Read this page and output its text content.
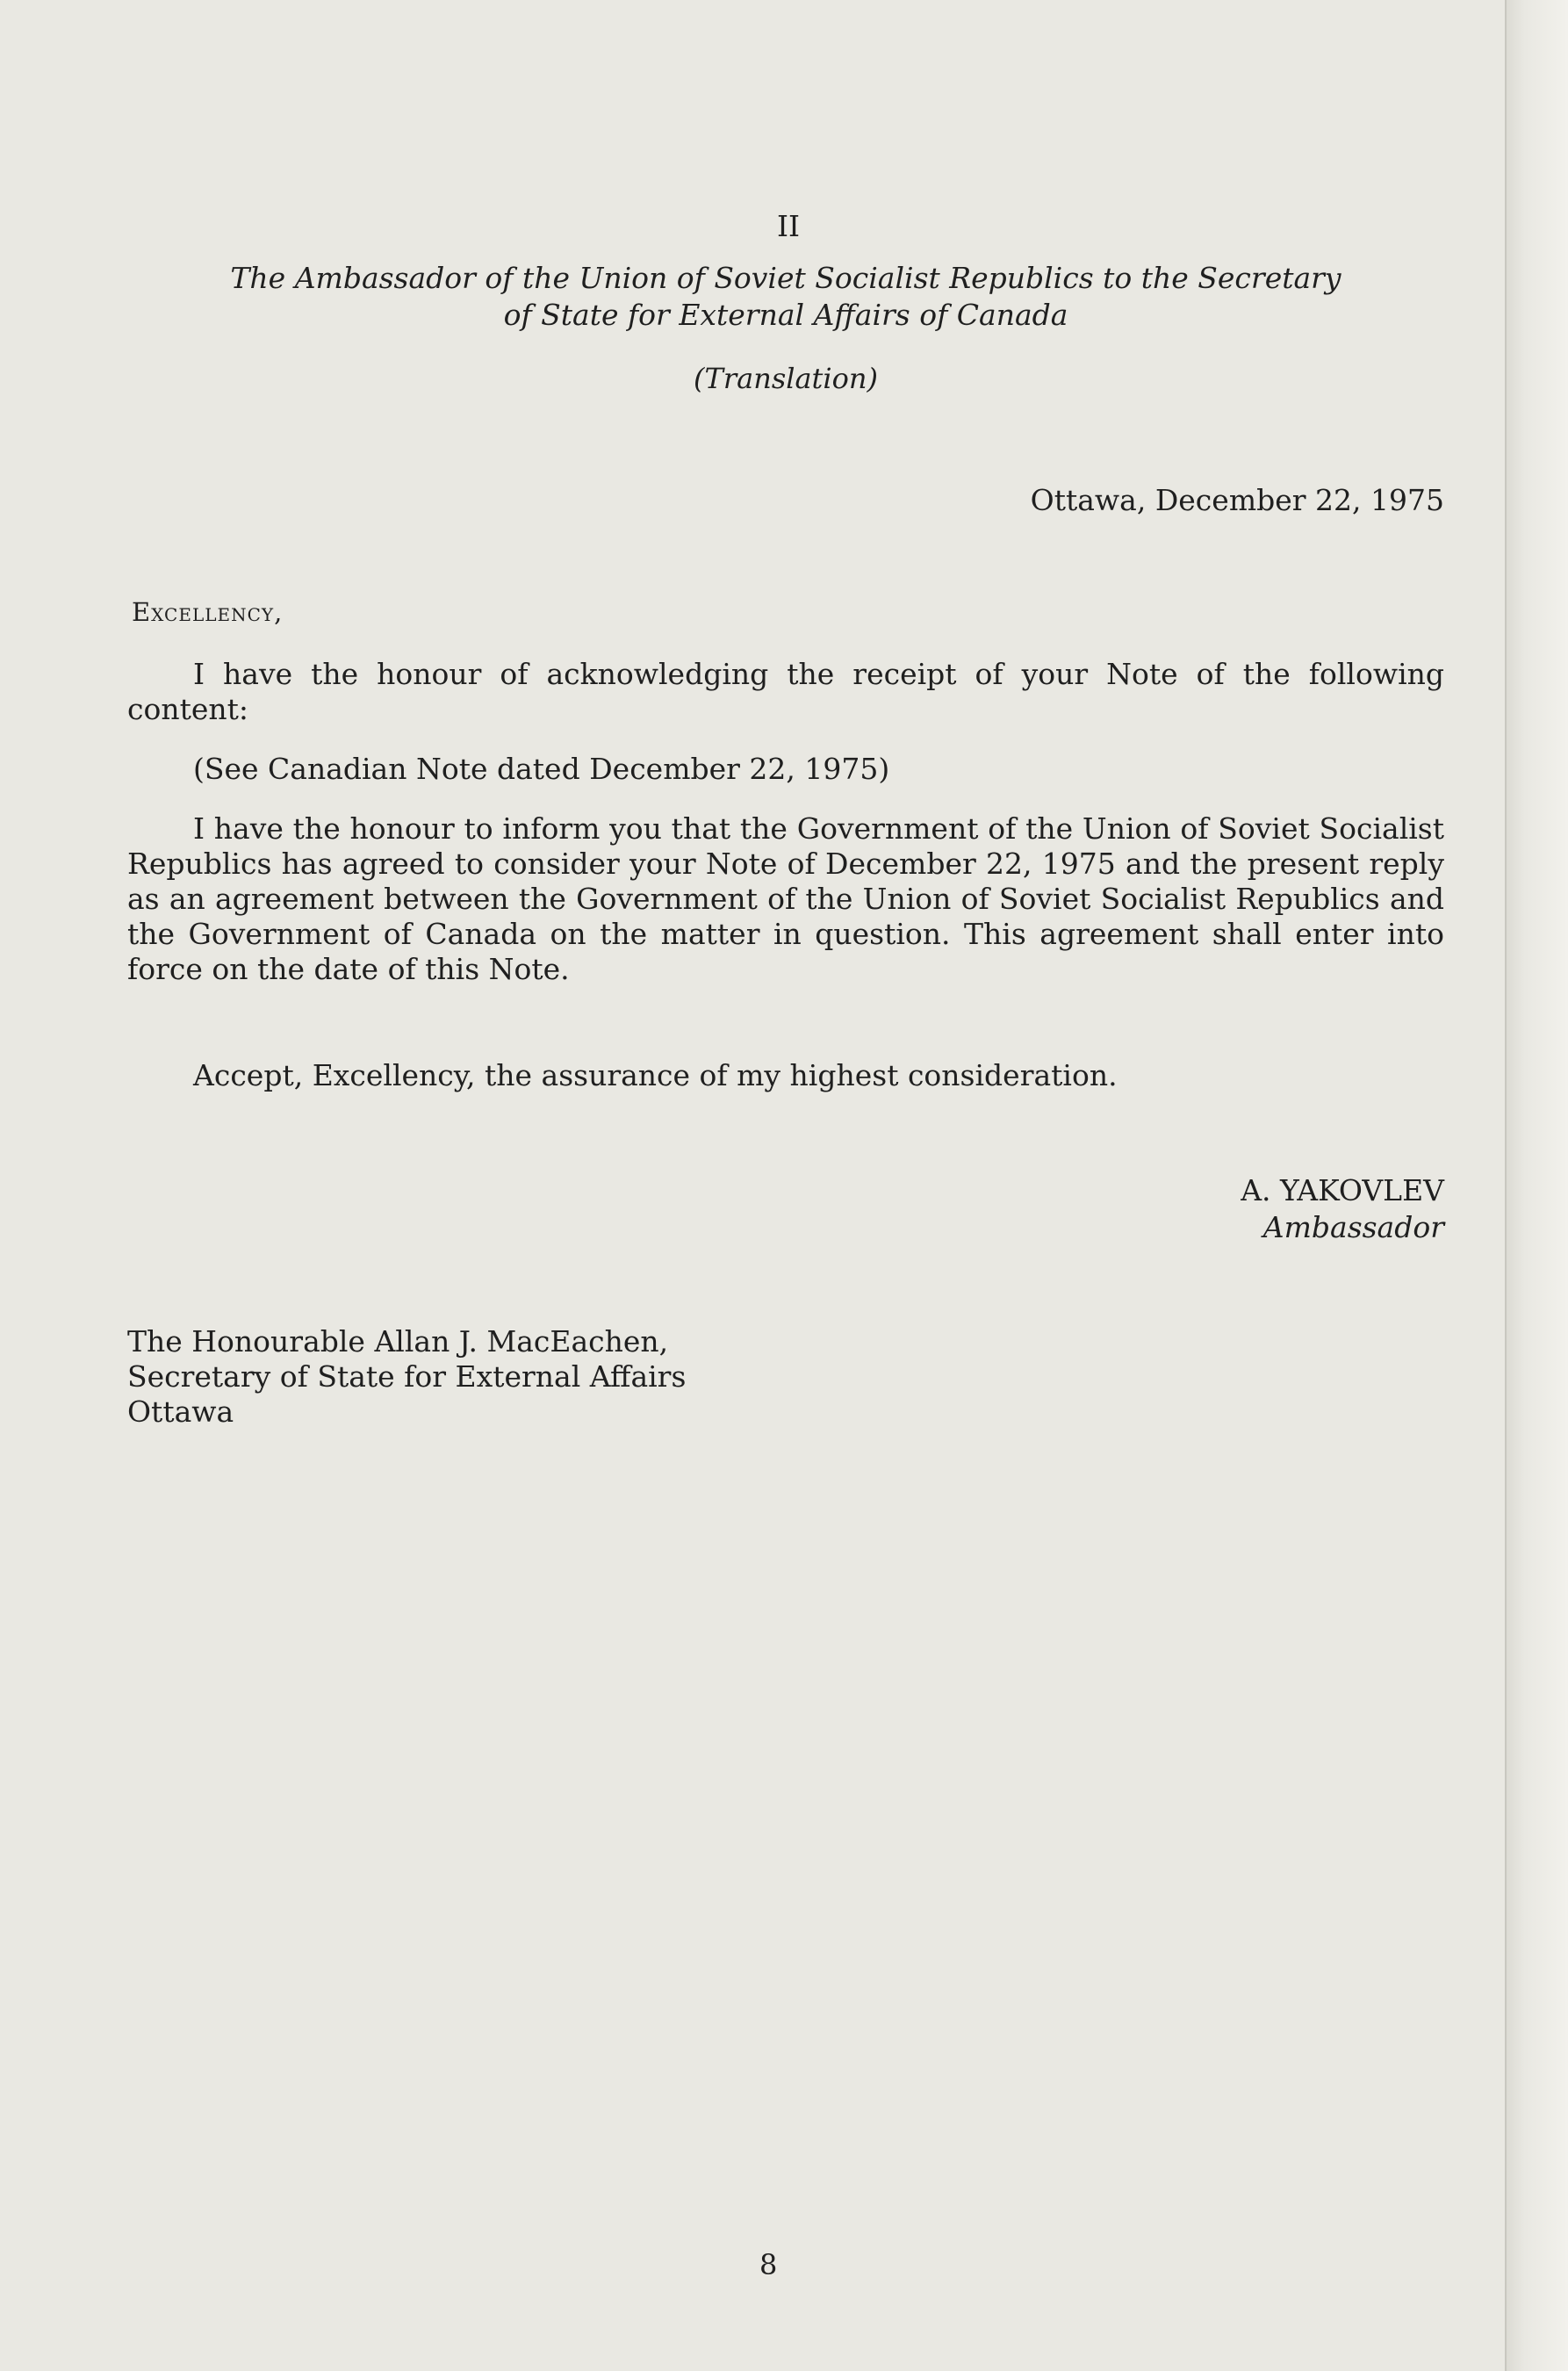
II
The Ambassador of the Union of Soviet Socialist Republics to the Secretary
of State for External Affairs of Canada
(Translation)
Ottawa, December 22, 1975
Excellency,

I have the honour of acknowledging the receipt of your Note of the following content:

(See Canadian Note dated December 22, 1975)

I have the honour to inform you that the Government of the Union of Soviet Socialist Republics has agreed to consider your Note of December 22, 1975 and the present reply as an agreement between the Government of the Union of Soviet Socialist Republics and the Government of Canada on the matter in question. This agreement shall enter into force on the date of this Note.

Accept, Excellency, the assurance of my highest consideration.

A. YAKOVLEV
Ambassador
The Honourable Allan J. MacEachen,
Secretary of State for External Affairs
Ottawa
8
